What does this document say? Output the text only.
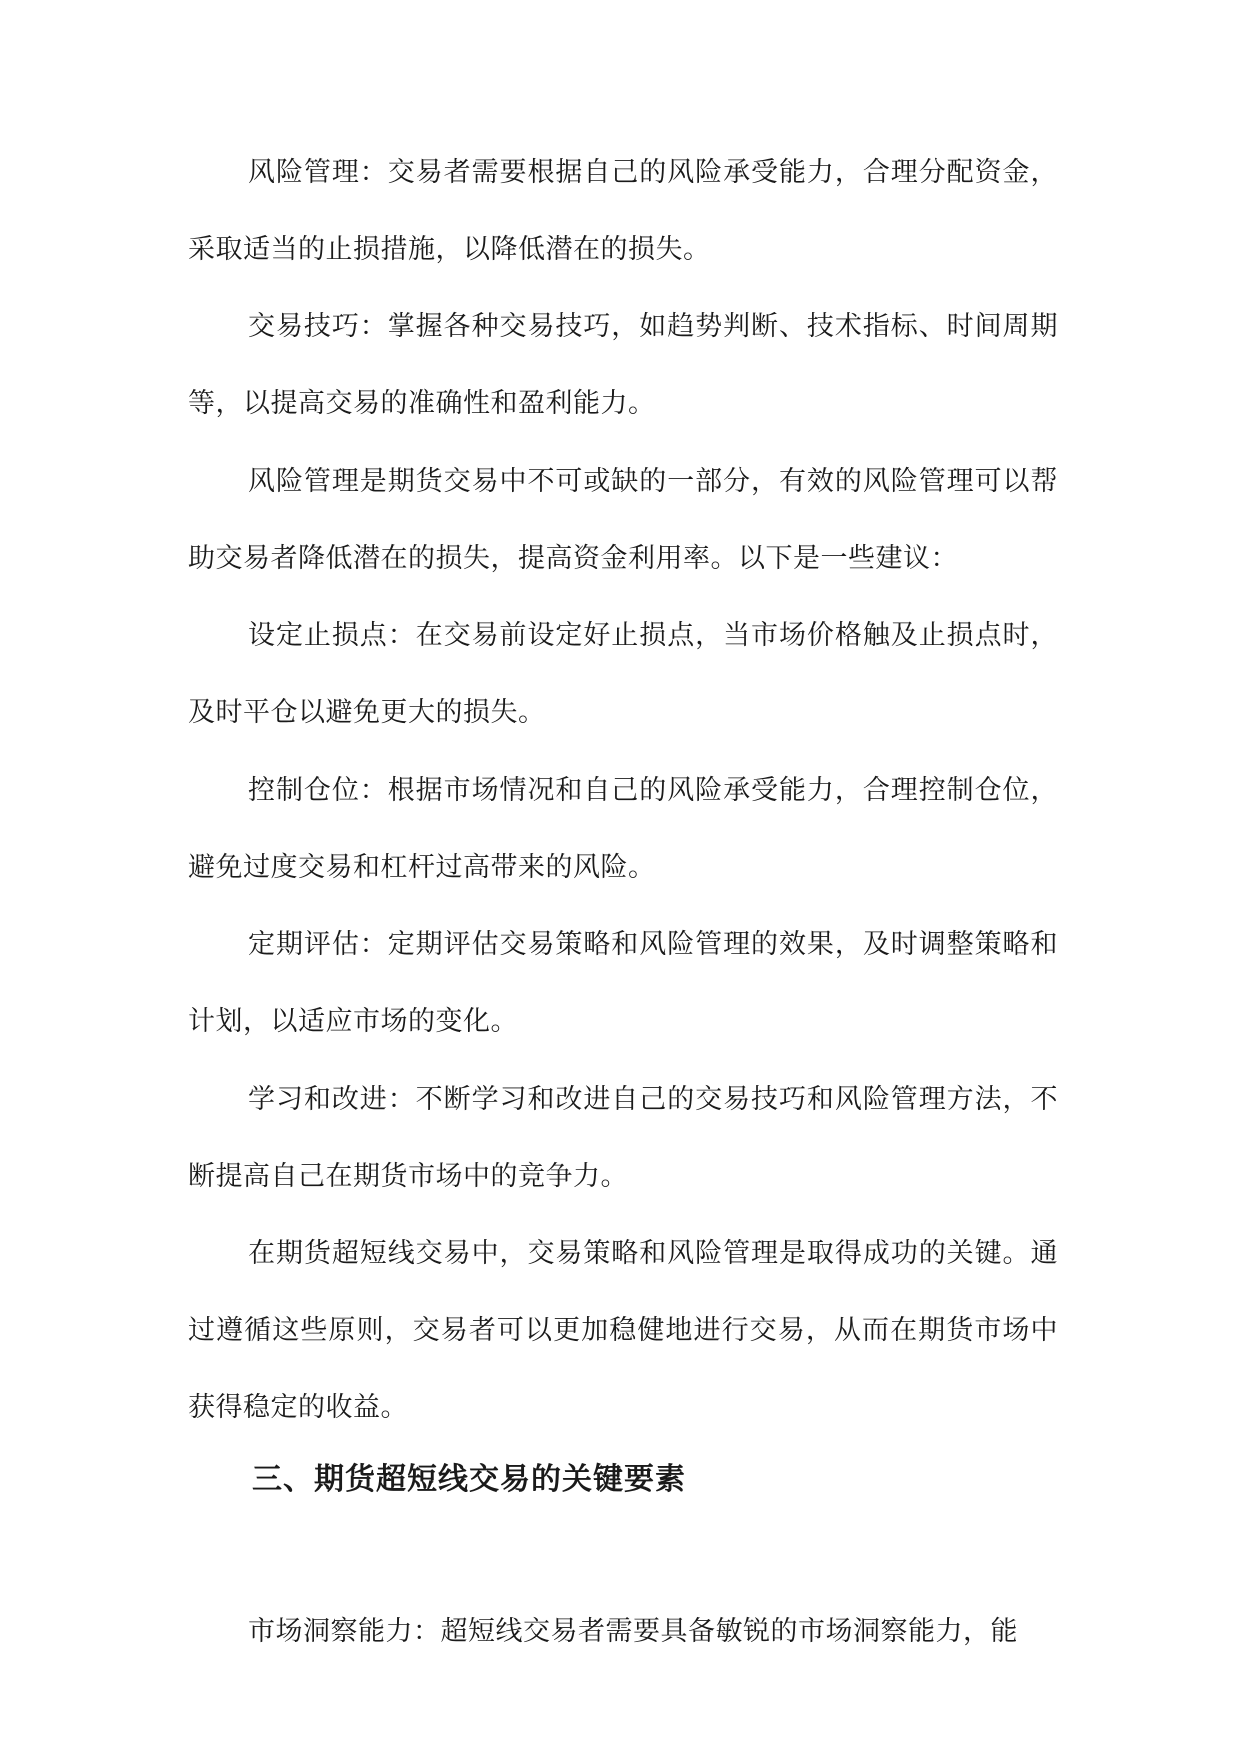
风险管理：交易者需要根据自己的风险承受能力，合理分配资金，采取适当的止损措施，以降低潜在的损失。

交易技巧：掌握各种交易技巧，如趋势判断、技术指标、时间周期等，以提高交易的准确性和盈利能力。

风险管理是期货交易中不可或缺的一部分，有效的风险管理可以帮助交易者降低潜在的损失，提高资金利用率。以下是一些建议：

设定止损点：在交易前设定好止损点，当市场价格触及止损点时，及时平仓以避免更大的损失。

控制仓位：根据市场情况和自己的风险承受能力，合理控制仓位，避免过度交易和杠杆过高带来的风险。

定期评估：定期评估交易策略和风险管理的效果，及时调整策略和计划，以适应市场的变化。

学习和改进：不断学习和改进自己的交易技巧和风险管理方法，不断提高自己在期货市场中的竞争力。

在期货超短线交易中，交易策略和风险管理是取得成功的关键。通过遵循这些原则，交易者可以更加稳健地进行交易，从而在期货市场中获得稳定的收益。

三、期货超短线交易的关键要素

市场洞察能力：超短线交易者需要具备敏锐的市场洞察能力，能
